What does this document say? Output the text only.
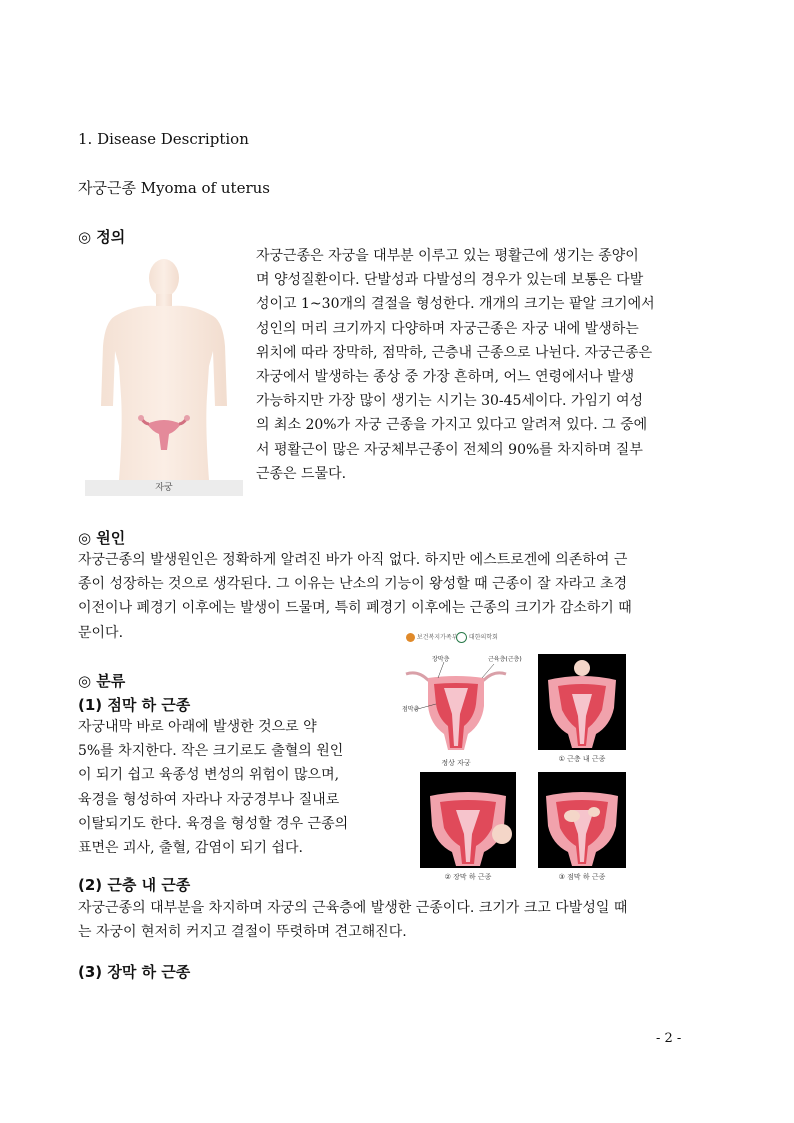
1. Disease Description
자궁근종 Myoma of uterus
◎ 정의
자궁
자궁근종은 자궁을 대부분 이루고 있는 평활근에 생기는 종양이
며 양성질환이다. 단발성과 다발성의 경우가 있는데 보통은 다발
성이고 1~30개의 결절을 형성한다. 개개의 크기는 팥알 크기에서
성인의 머리 크기까지 다양하며 자궁근종은 자궁 내에 발생하는
위치에 따라 장막하, 점막하, 근층내 근종으로 나뉜다. 자궁근종은
자궁에서 발생하는 종상 중 가장 흔하며, 어느 연령에서나 발생
가능하지만 가장 많이 생기는 시기는 30-45세이다. 가임기 여성
의 최소 20%가 자궁 근종을 가지고 있다고 알려져 있다. 그 중에
서 평활근이 많은 자궁체부근종이 전체의 90%를 차지하며 질부
근종은 드물다.
◎ 원인
자궁근종의 발생원인은 정확하게 알려진 바가 아직 없다. 하지만 에스트로겐에 의존하여 근
종이 성장하는 것으로 생각된다. 그 이유는 난소의 기능이 왕성할 때 근종이 잘 자라고 초경
이전이나 폐경기 이후에는 발생이 드물며, 특히 폐경기 이후에는 근종의 크기가 감소하기 때
문이다.
◎ 분류
(1) 점막 하 근종
자궁내막 바로 아래에 발생한 것으로 약
5%를 차지한다. 작은 크기로도 출혈의 원인
이 되기 쉽고 육종성 변성의 위험이 많으며,
육경을 형성하여 자라나 자궁경부나 질내로
이탈되기도 한다. 육경을 형성할 경우 근종의
표면은 괴사, 출혈, 감염이 되기 쉽다.
보건복지가족부	대한의학회
장막층	근육층(근층)
점막층
정상 자궁	① 근층 내 근종
② 장막 하 근종	③ 점막 하 근종
(2) 근층 내 근종
자궁근종의 대부분을 차지하며 자궁의 근육층에 발생한 근종이다. 크기가 크고 다발성일 때
는 자궁이 현저히 커지고 결절이 뚜렷하며 견고해진다.
(3) 장막 하 근종
- 2 -
